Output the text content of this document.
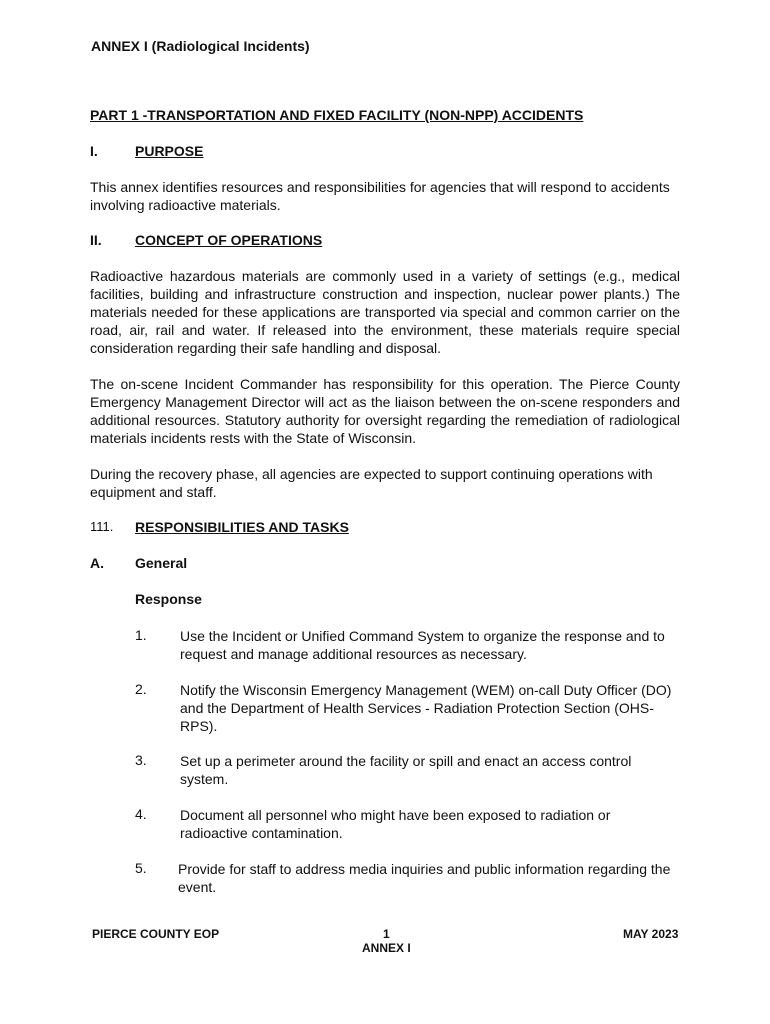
ANNEX I (Radiological Incidents)
PART 1 -TRANSPORTATION AND FIXED FACILITY (NON-NPP) ACCIDENTS
I.	PURPOSE
This annex identifies resources and responsibilities for agencies that will respond to accidents involving radioactive materials.
II. CONCEPT OF OPERATIONS
Radioactive hazardous materials are commonly used in a variety of settings (e.g., medical facilities, building and infrastructure construction and inspection, nuclear power plants.) The materials needed for these applications are transported via special and common carrier on the road, air, rail and water. If released into the environment, these materials require special consideration regarding their safe handling and disposal.
The on-scene Incident Commander has responsibility for this operation. The Pierce County Emergency Management Director will act as the liaison between the on-scene responders and additional resources. Statutory authority for oversight regarding the remediation of radiological materials incidents rests with the State of Wisconsin.
During the recovery phase, all agencies are expected to support continuing operations with equipment and staff.
111. RESPONSIBILITIES AND TASKS
A. General
Response
1. Use the Incident or Unified Command System to organize the response and to request and manage additional resources as necessary.
2. Notify the Wisconsin Emergency Management (WEM) on-call Duty Officer (DO) and the Department of Health Services - Radiation Protection Section (OHS-RPS).
3. Set up a perimeter around the facility or spill and enact an access control system.
4. Document all personnel who might have been exposed to radiation or radioactive contamination.
5. Provide for staff to address media inquiries and public information regarding the event.
PIERCE COUNTY EOP	1
ANNEX I
MAY 2023
